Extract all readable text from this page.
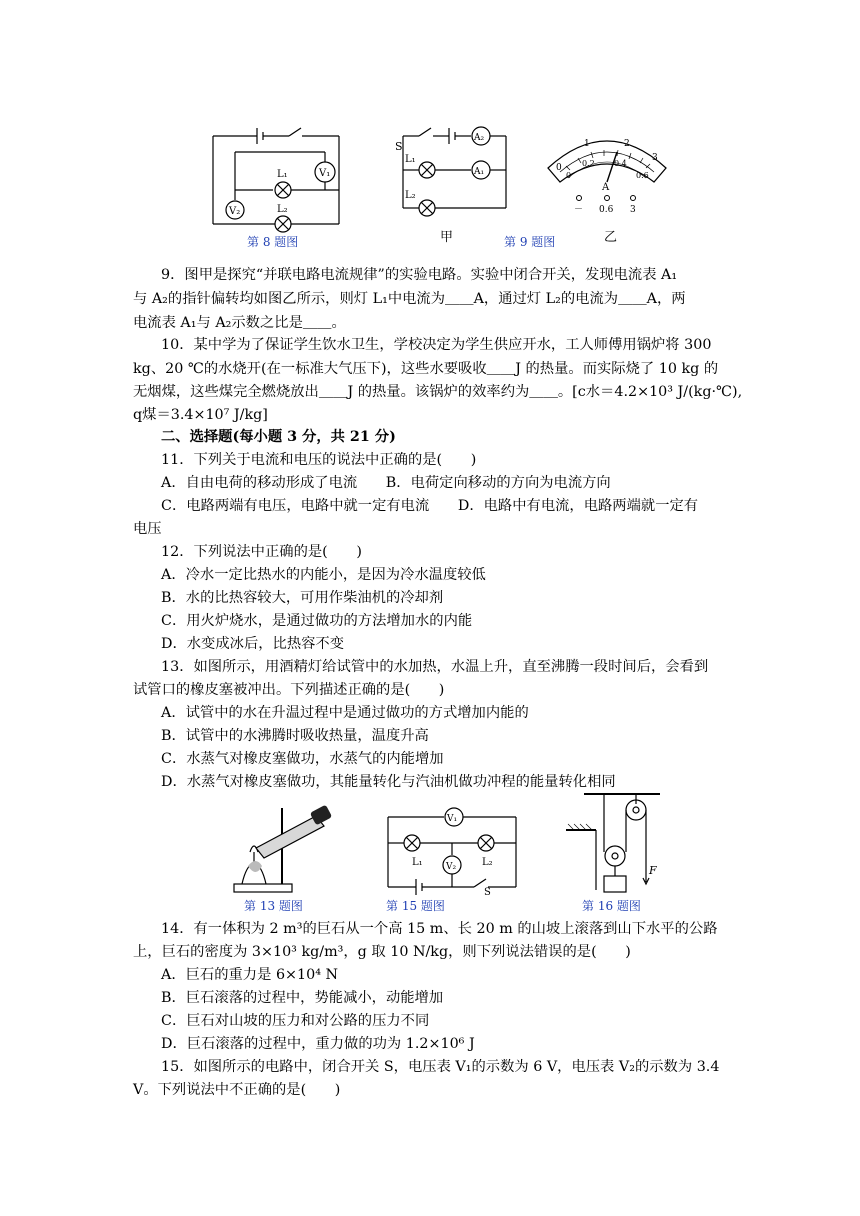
V₁
V₂
L₁
L₂
第 8 题图
S
A₂
A₁
L₁
L₂
甲	第 9 题图
0
1	2
3
0
0.2 0.4
0.6
A
－ 0.6 3
乙
9．图甲是探究“并联电路电流规律”的实验电路。实验中闭合开关，发现电流表 A₁
与 A₂的指针偏转均如图乙所示，则灯 L₁中电流为＿＿A，通过灯 L₂的电流为＿＿A，两
电流表 A₁与 A₂示数之比是＿＿。
10．某中学为了保证学生饮水卫生，学校决定为学生供应开水，工人师傅用锅炉将 300
kg、20 ℃的水烧开(在一标准大气压下)，这些水要吸收＿＿J 的热量。而实际烧了 10 kg 的
无烟煤，这些煤完全燃烧放出＿＿J 的热量。该锅炉的效率约为＿＿。[c水＝4.2×10³ J/(kg·℃),
q煤＝3.4×10⁷ J/kg]
二、选择题(每小题 3 分，共 21 分)
11．下列关于电流和电压的说法中正确的是(　　)
A．自由电荷的移动形成了电流　　B．电荷定向移动的方向为电流方向
C．电路两端有电压，电路中就一定有电流　　D．电路中有电流，电路两端就一定有
电压
12．下列说法中正确的是(　　)
A．冷水一定比热水的内能小，是因为冷水温度较低
B．水的比热容较大，可用作柴油机的冷却剂
C．用火炉烧水，是通过做功的方法增加水的内能
D．水变成冰后，比热容不变
13．如图所示，用酒精灯给试管中的水加热，水温上升，直至沸腾一段时间后，会看到
试管口的橡皮塞被冲出。下列描述正确的是(　　)
A．试管中的水在升温过程中是通过做功的方式增加内能的
B．试管中的水沸腾时吸收热量，温度升高
C．水蒸气对橡皮塞做功，水蒸气的内能增加
D．水蒸气对橡皮塞做功，其能量转化与汽油机做功冲程的能量转化相同
第 13 题图
V₁
V₂
L₁	L₂
S
第 15 题图
F
第 16 题图
14．有一体积为 2 m³的巨石从一个高 15 m、长 20 m 的山坡上滚落到山下水平的公路
上，巨石的密度为 3×10³ kg/m³，g 取 10 N/kg，则下列说法错误的是(　　)
A．巨石的重力是 6×10⁴ N
B．巨石滚落的过程中，势能减小，动能增加
C．巨石对山坡的压力和对公路的压力不同
D．巨石滚落的过程中，重力做的功为 1.2×10⁶ J
15．如图所示的电路中，闭合开关 S，电压表 V₁的示数为 6 V，电压表 V₂的示数为 3.4
V。下列说法中不正确的是(　　)
